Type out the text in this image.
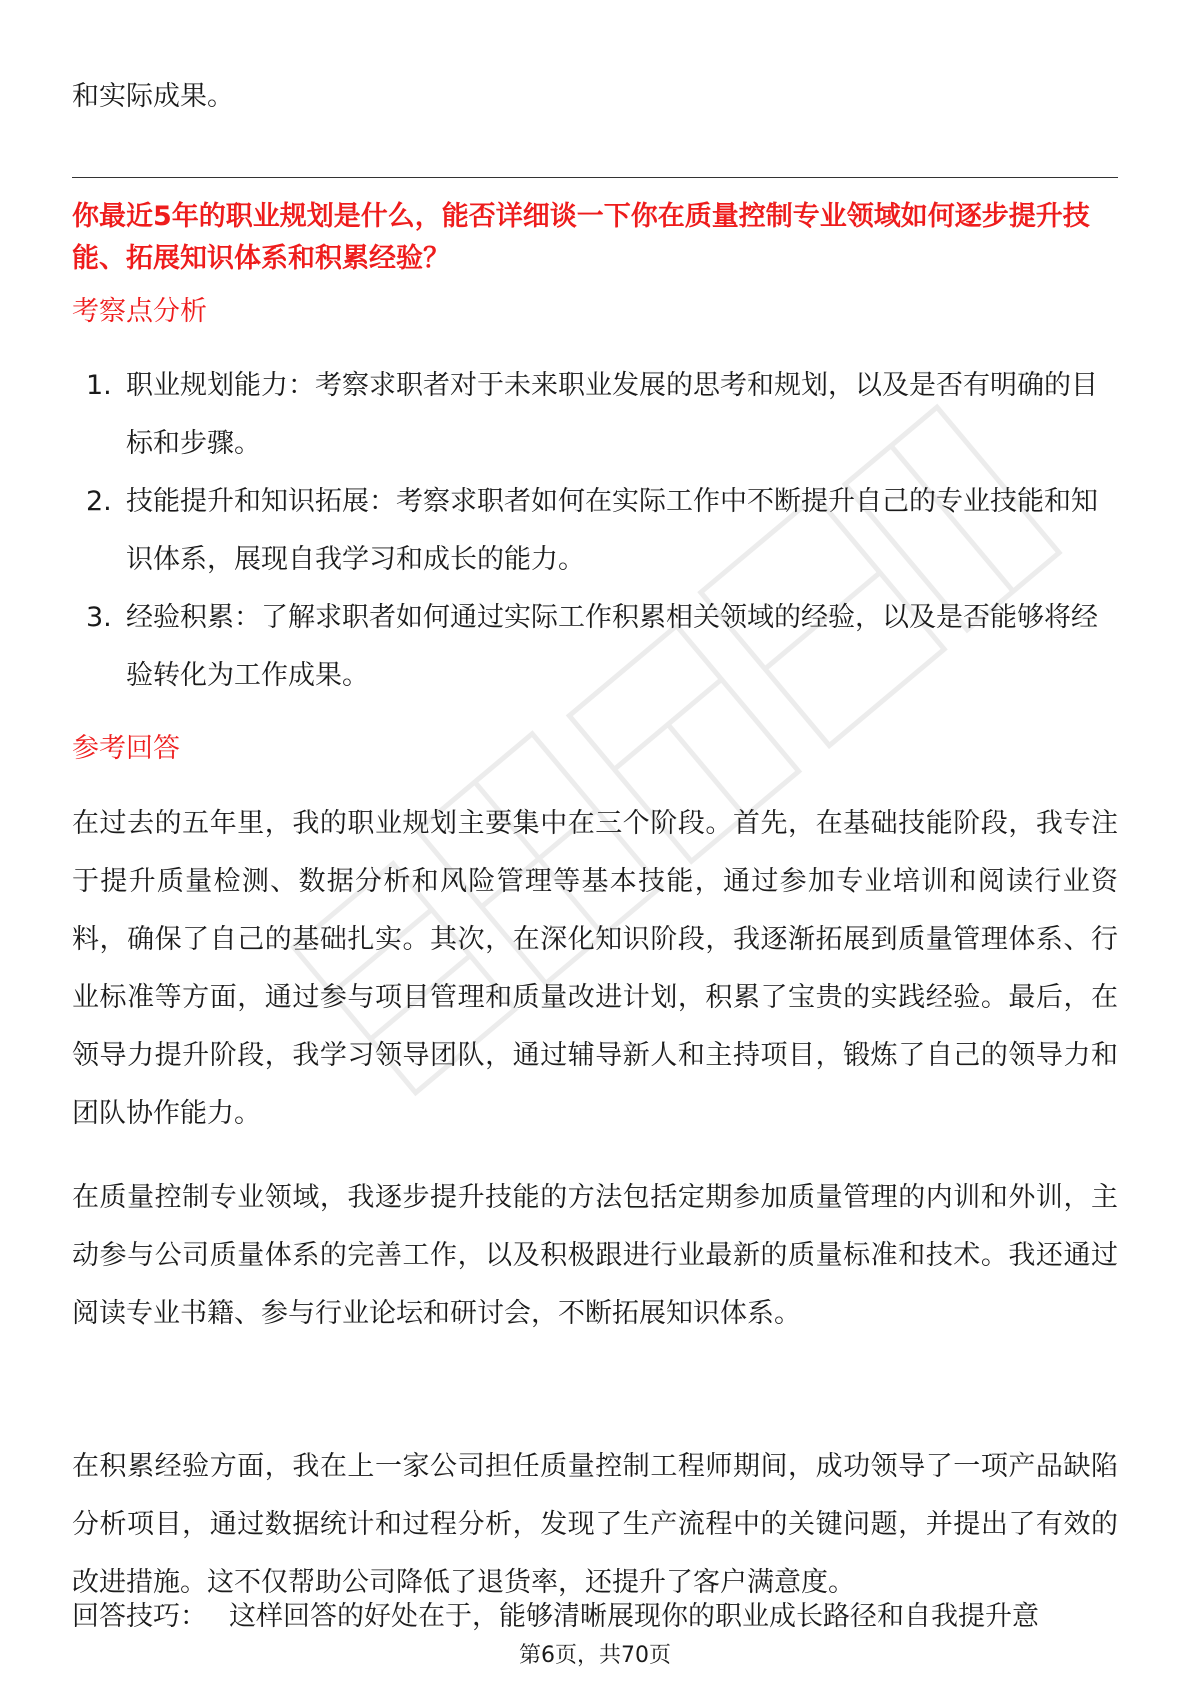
和实际成果。

你最近5年的职业规划是什么，能否详细谈一下你在质量控制专业领域如何逐步提升技能、拓展知识体系和积累经验？
考察点分析
1. 职业规划能力：考察求职者对于未来职业发展的思考和规划，以及是否有明确的目标和步骤。
2. 技能提升和知识拓展：考察求职者如何在实际工作中不断提升自己的专业技能和知识体系，展现自我学习和成长的能力。
3. 经验积累：了解求职者如何通过实际工作积累相关领域的经验，以及是否能够将经验转化为工作成果。
参考回答

在过去的五年里，我的职业规划主要集中在三个阶段。首先，在基础技能阶段，我专注于提升质量检测、数据分析和风险管理等基本技能，通过参加专业培训和阅读行业资料，确保了自己的基础扎实。其次，在深化知识阶段，我逐渐拓展到质量管理体系、行业标准等方面，通过参与项目管理和质量改进计划，积累了宝贵的实践经验。最后，在领导力提升阶段，我学习领导团队，通过辅导新人和主持项目，锻炼了自己的领导力和团队协作能力。

在质量控制专业领域，我逐步提升技能的方法包括定期参加质量管理的内训和外训，主动参与公司质量体系的完善工作，以及积极跟进行业最新的质量标准和技术。我还通过阅读专业书籍、参与行业论坛和研讨会，不断拓展知识体系。

在积累经验方面，我在上一家公司担任质量控制工程师期间，成功领导了一项产品缺陷分析项目，通过数据统计和过程分析，发现了生产流程中的关键问题，并提出了有效的改进措施。这不仅帮助公司降低了退货率，还提升了客户满意度。

回答技巧： 这样回答的好处在于，能够清晰展现你的职业成长路径和自我提升意
第6页，共70页
